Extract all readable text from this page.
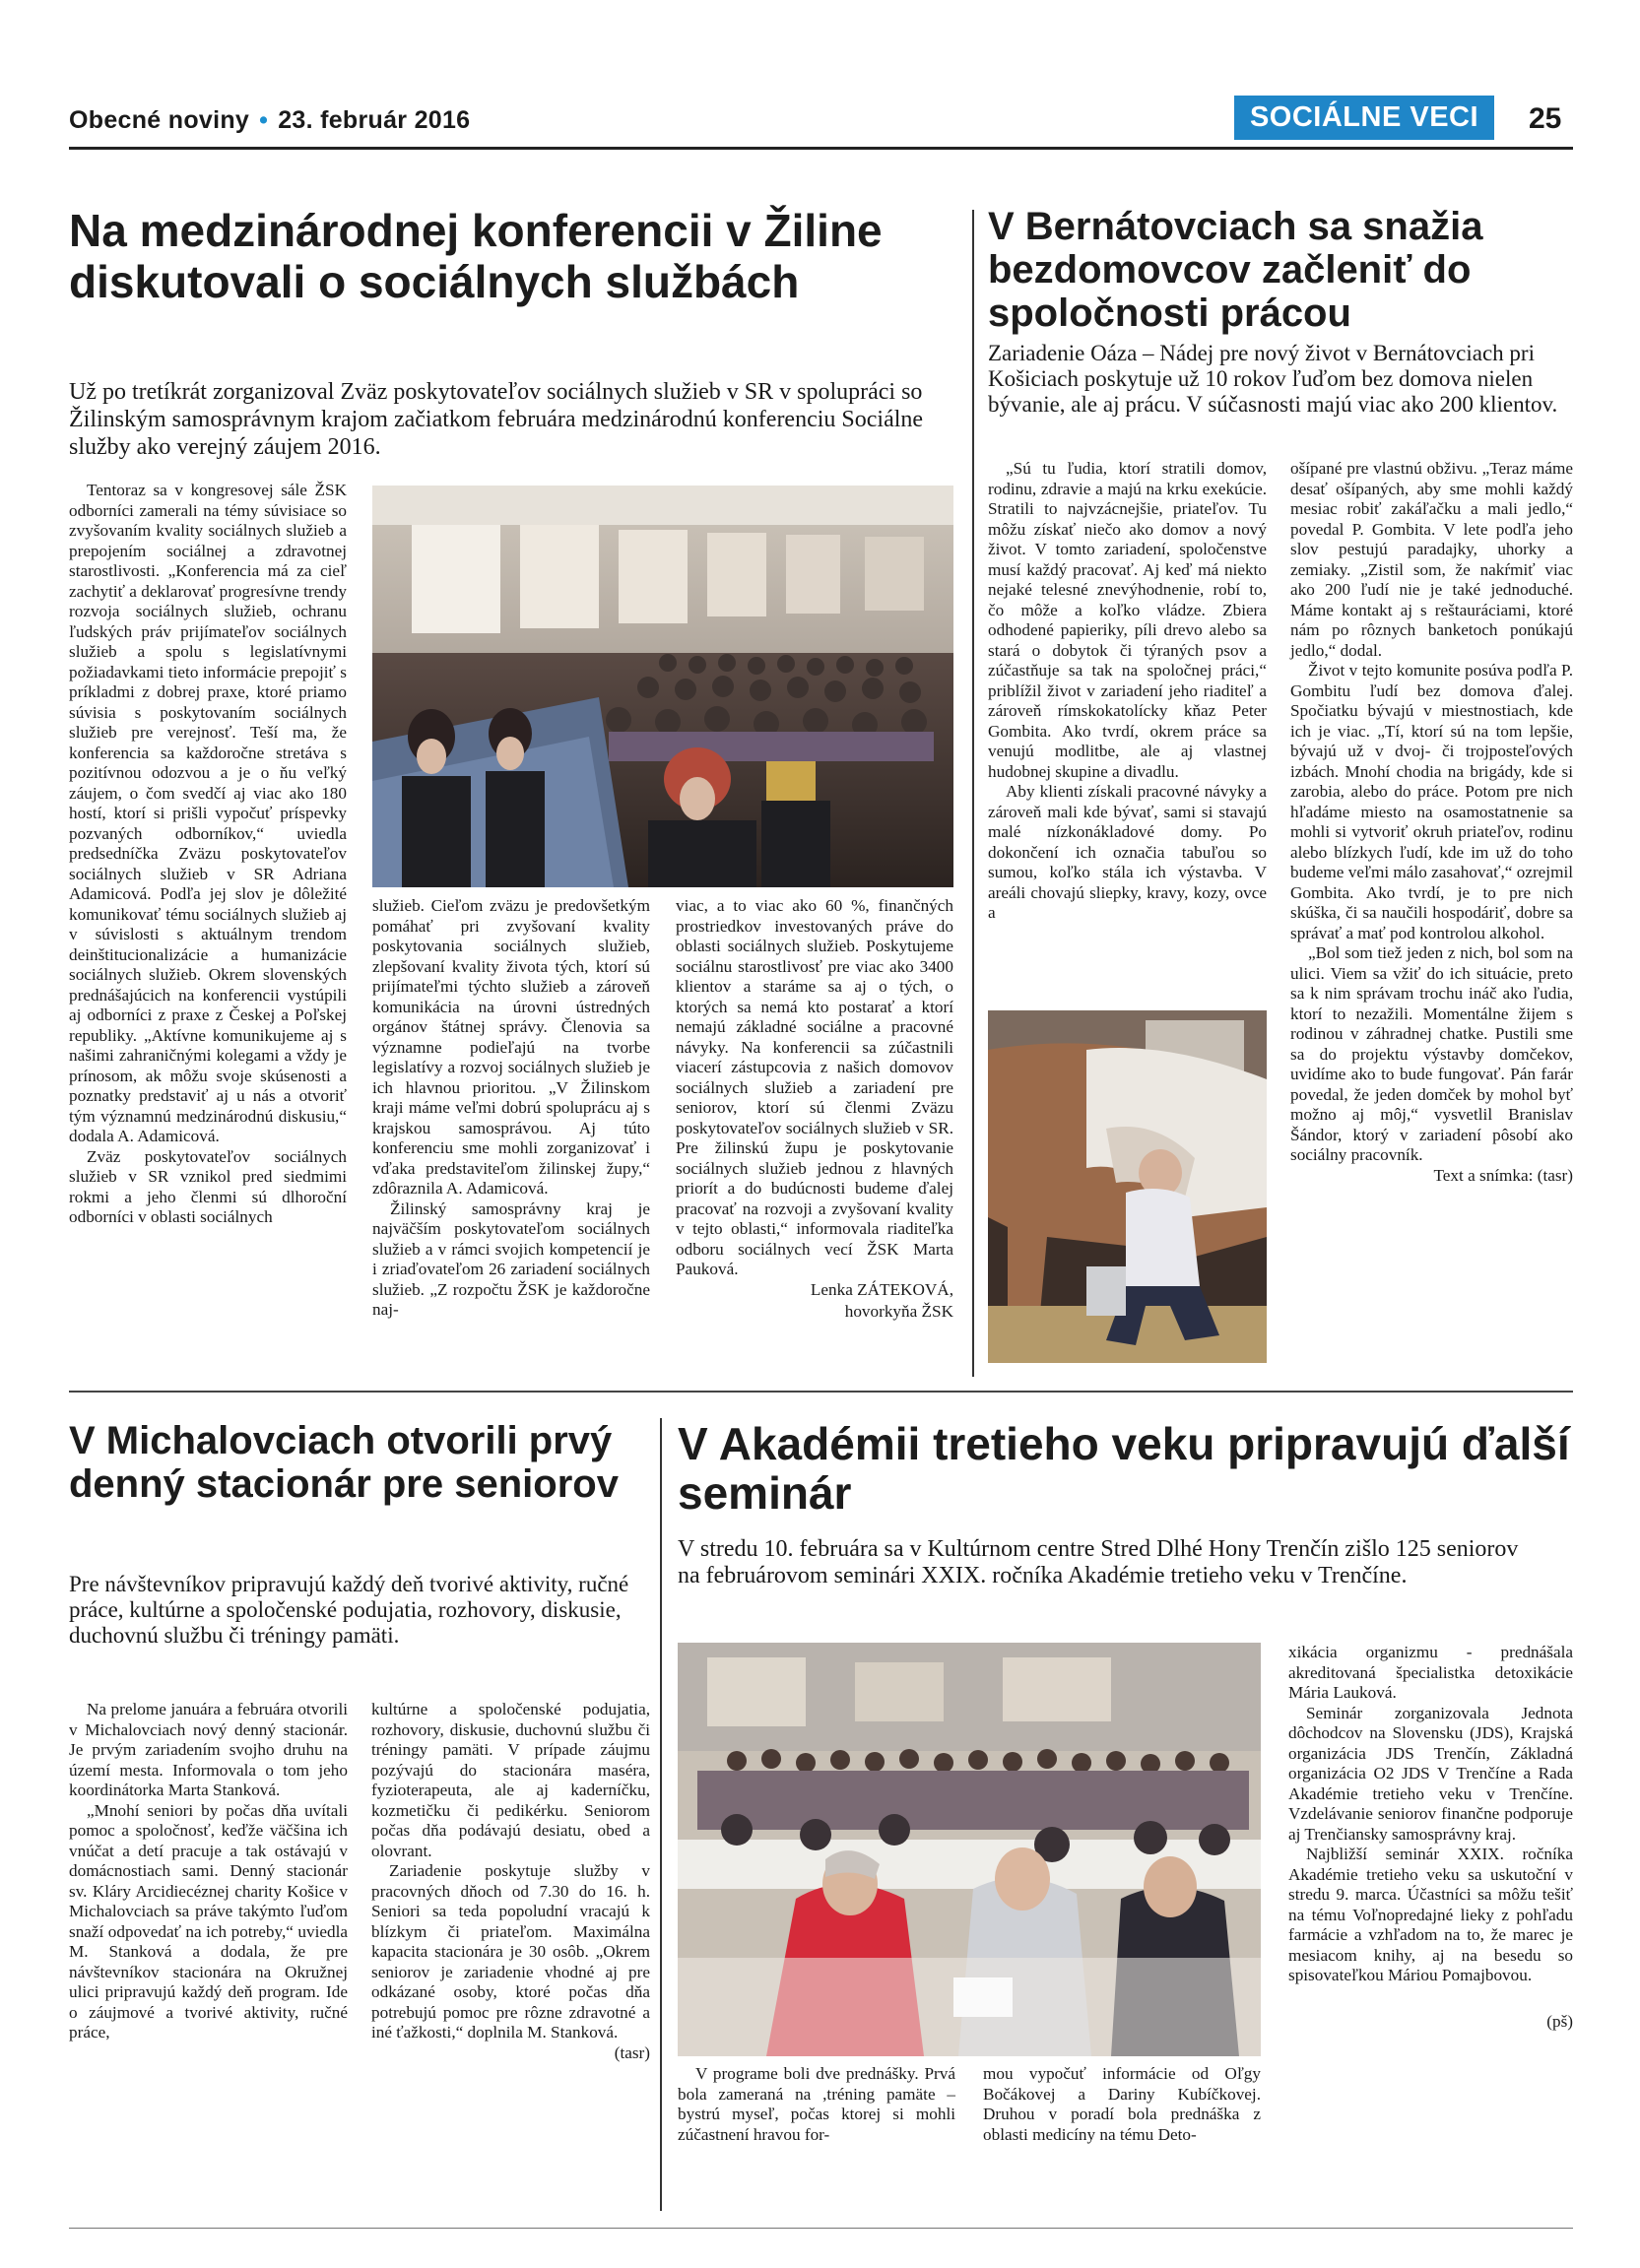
Obecné noviny • 23. február 2016	SOCIÁLNE VECI	25
Na medzinárodnej konferencii v Žiline diskutovali o sociálnych službách
Už po tretíkrát zorganizoval Zväz poskytovateľov sociálnych služieb v SR v spolupráci so Žilinským samosprávnym krajom začiatkom februára medzinárodnú konferenciu Sociálne služby ako verejný záujem 2016.

Tentoraz sa v kongresovej sále ŽSK odborníci zamerali na témy súvisiace so zvyšovaním kvality sociálnych služieb a prepojením sociálnej a zdravotnej starostlivosti. „Konferencia má za cieľ zachytiť a deklarovať progresívne trendy rozvoja sociálnych služieb, ochranu ľudských práv prijímateľov sociálnych služieb a spolu s legislatívnymi požiadavkami tieto informácie prepojiť s príkladmi z dobrej praxe, ktoré priamo súvisia s poskytovaním sociálnych služieb pre verejnosť. Teší ma, že konferencia sa každoročne stretáva s pozitívnou odozvou a je o ňu veľký záujem, o čom svedčí aj viac ako 180 hostí, ktorí si prišli vypočuť príspevky pozvaných odborníkov,“ uviedla predsedníčka Zväzu poskytovateľov sociálnych služieb v SR Adriana Adamicová. Podľa jej slov je dôležité komunikovať tému sociálnych služieb aj v súvislosti s aktuálnym trendom deinštitucionalizácie a humanizácie sociálnych služieb. Okrem slovenských prednášajúcich na konferencii vystúpili aj odborníci z praxe z Českej a Poľskej republiky. „Aktívne komunikujeme aj s našimi zahraničnými kolegami a vždy je prínosom, ak môžu svoje skúsenosti a poznatky predstaviť aj u nás a otvoriť tým významnú medzinárodnú diskusiu,“ dodala A. Adamicová.

Zväz poskytovateľov sociálnych služieb v SR vznikol pred siedmimi rokmi a jeho členmi sú dlhoroční odborníci v oblasti sociálnych

služieb. Cieľom zväzu je predovšetkým pomáhať pri zvyšovaní kvality poskytovania sociálnych služieb, zlepšovaní kvality života tých, ktorí sú prijímateľmi týchto služieb a zároveň komunikácia na úrovni ústredných orgánov štátnej správy. Členovia sa významne podieľajú na tvorbe legislatívy a rozvoj sociálnych služieb je ich hlavnou prioritou. „V Žilinskom kraji máme veľmi dobrú spoluprácu aj s krajskou samosprávou. Aj túto konferenciu sme mohli zorganizovať i vďaka predstaviteľom žilinskej župy,“ zdôraznila A. Adamicová.

Žilinský samosprávny kraj je najväčším poskytovateľom sociálnych služieb a v rámci svojich kompetencií je i zriaďovateľom 26 zariadení sociálnych služieb. „Z rozpočtu ŽSK je každoročne naj-

viac, a to viac ako 60 %, finančných prostriedkov investovaných práve do oblasti sociálnych služieb. Poskytujeme sociálnu starostlivosť pre viac ako 3400 klientov a staráme sa aj o tých, o ktorých sa nemá kto postarať a ktorí nemajú základné sociálne a pracovné návyky. Na konferencii sa zúčastnili viacerí zástupcovia z našich domovov sociálnych služieb a zariadení pre seniorov, ktorí sú členmi Zväzu poskytovateľov sociálnych služieb v SR. Pre žilinskú župu je poskytovanie sociálnych služieb jednou z hlavných priorít a do budúcnosti budeme ďalej pracovať na rozvoji a zvyšovaní kvality v tejto oblasti,“ informovala riaditeľka odboru sociálnych vecí ŽSK Marta Pauková.

Lenka ZÁTEKOVÁ,

hovorkyňa ŽSK

V Bernátovciach sa snažia bezdomovcov začleniť do spoločnosti prácou
Zariadenie Oáza – Nádej pre nový život v Bernátovciach pri Košiciach poskytuje už 10 rokov ľuďom bez domova nielen bývanie, ale aj prácu. V súčasnosti majú viac ako 200 klientov.

„Sú tu ľudia, ktorí stratili domov, rodinu, zdravie a majú na krku exekúcie. Stratili to najvzácnejšie, priateľov. Tu môžu získať niečo ako domov a nový život. V tomto zariadení, spoločenstve musí každý pracovať. Aj keď má niekto nejaké telesné znevýhodnenie, robí to, čo môže a koľko vládze. Zbiera odhodené papieriky, píli drevo alebo sa stará o dobytok či týraných psov a zúčastňuje sa tak na spoločnej práci,“ priblížil život v zariadení jeho riaditeľ a zároveň rímskokatolícky kňaz Peter Gombita. Ako tvrdí, okrem práce sa venujú modlitbe, ale aj vlastnej hudobnej skupine a divadlu.

Aby klienti získali pracovné návyky a zároveň mali kde bývať, sami si stavajú malé nízkonákladové domy. Po dokončení ich označia tabuľou so sumou, koľko stála ich výstavba. V areáli chovajú sliepky, kravy, kozy, ovce a

ošípané pre vlastnú obživu. „Teraz máme desať ošípaných, aby sme mohli každý mesiac robiť zakáľačku a mali jedlo,“ povedal P. Gombita. V lete podľa jeho slov pestujú paradajky, uhorky a zemiaky. „Zistil som, že nakŕmiť viac ako 200 ľudí nie je také jednoduché. Máme kontakt aj s reštauráciami, ktoré nám po rôznych banketoch ponúkajú jedlo,“ dodal.

Život v tejto komunite posúva podľa P. Gombitu ľudí bez domova ďalej. Spočiatku bývajú v miestnostiach, kde ich je viac. „Tí, ktorí sú na tom lepšie, bývajú už v dvoj- či trojposteľových izbách. Mnohí chodia na brigády, kde si zarobia, alebo do práce. Potom pre nich hľadáme miesto na osamostatnenie sa mohli si vytvoriť okruh priateľov, rodinu alebo blízkych ľudí, kde im už do toho budeme veľmi málo zasahovať,“ ozrejmil Gombita. Ako tvrdí, je to pre nich skúška, či sa naučili hospodáriť, dobre sa správať a mať pod kontrolou alkohol.

„Bol som tiež jeden z nich, bol som na ulici. Viem sa vžiť do ich situácie, preto sa k nim správam trochu ináč ako ľudia, ktorí to nezažili. Momentálne žijem s rodinou v záhradnej chatke. Pustili sme sa do projektu výstavby domčekov, uvidíme ako to bude fungovať. Pán farár povedal, že jeden domček by mohol byť možno aj môj,“ vysvetlil Branislav Šándor, ktorý v zariadení pôsobí ako sociálny pracovník.

Text a snímka: (tasr)

V Michalovciach otvorili prvý denný stacionár pre seniorov
Pre návštevníkov pripravujú každý deň tvorivé aktivity, ručné práce, kultúrne a spoločenské podujatia, rozhovory, diskusie, duchovnú službu či tréningy pamäti.

Na prelome januára a februára otvorili v Michalovciach nový denný stacionár. Je prvým zariadením svojho druhu na území mesta. Informovala o tom jeho koordinátorka Marta Stanková.

„Mnohí seniori by počas dňa uvítali pomoc a spoločnosť, keďže väčšina ich vnúčat a detí pracuje a tak ostávajú v domácnostiach sami. Denný stacionár sv. Kláry Arcidiecéznej charity Košice v Michalovciach sa práve takýmto ľuďom snaží odpovedať na ich potreby,“ uviedla M. Stanková a dodala, že pre návštevníkov stacionára na Okružnej ulici pripravujú každý deň program. Ide o záujmové a tvorivé aktivity, ručné práce,

kultúrne a spoločenské podujatia, rozhovory, diskusie, duchovnú službu či tréningy pamäti. V prípade záujmu pozývajú do stacionára maséra, fyzioterapeuta, ale aj kaderníčku, kozmetičku či pedikérku. Seniorom počas dňa podávajú desiatu, obed a olovrant.

Zariadenie poskytuje služby v pracovných dňoch od 7.30 do 16. h. Seniori sa teda popoludní vracajú k blízkym či priateľom. Maximálna kapacita stacionára je 30 osôb. „Okrem seniorov je zariadenie vhodné aj pre odkázané osoby, ktoré počas dňa potrebujú pomoc pre rôzne zdravotné a iné ťažkosti,“ doplnila M. Stanková.

(tasr)

V Akadémii tretieho veku pripravujú ďalší seminár
V stredu 10. februára sa v Kultúrnom centre Stred Dlhé Hony Trenčín zišlo 125 seniorov na februárovom seminári XXIX. ročníka Akadémie tretieho veku v Trenčíne.

V programe boli dve prednášky. Prvá bola zameraná na ,tréning pamäte – bystrú myseľ, počas ktorej si mohli zúčastnení hravou for-

mou vypočuť informácie od Oľgy Bočákovej a Dariny Kubíčkovej. Druhou v poradí bola prednáška z oblasti medicíny na tému Deto-

xikácia organizmu - prednášala akreditovaná špecialistka detoxikácie Mária Lauková.

Seminár zorganizovala Jednota dôchodcov na Slovensku (JDS), Krajská organizácia JDS Trenčín, Základná organizácia O2 JDS V Trenčíne a Rada Akadémie tretieho veku v Trenčíne. Vzdelávanie seniorov finančne podporuje aj Trenčiansky samosprávny kraj.

Najbližší seminár XXIX. ročníka Akadémie tretieho veku sa uskutoční v stredu 9. marca. Účastníci sa môžu tešiť na tému Voľnopredajné lieky z pohľadu farmácie a vzhľadom na to, že marec je mesiacom knihy, aj na besedu so spisovateľkou Máriou Pomajbovou.

(pš)
